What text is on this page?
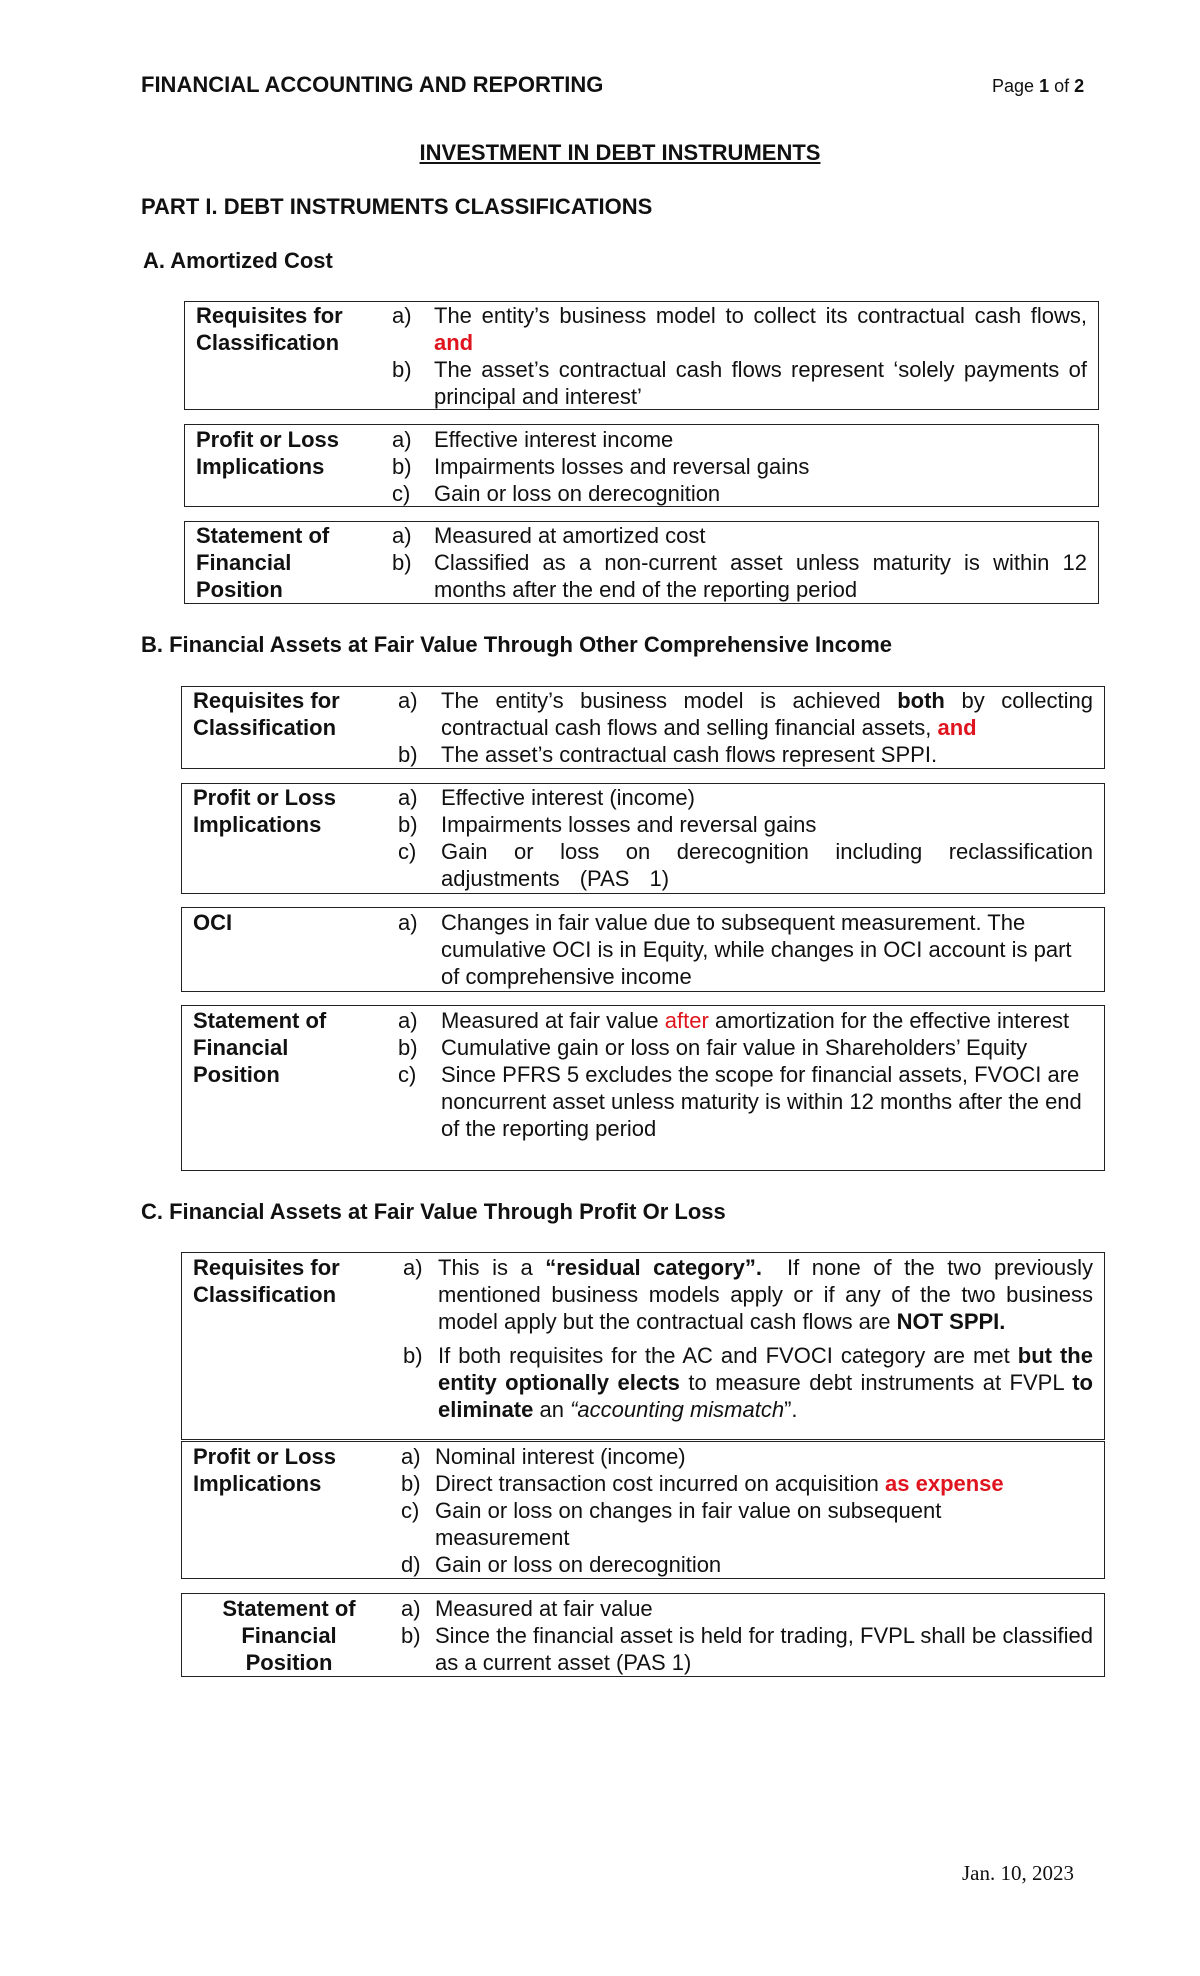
FINANCIAL ACCOUNTING AND REPORTING	Page 1 of 2
INVESTMENT IN DEBT INSTRUMENTS
PART I. DEBT INSTRUMENTS CLASSIFICATIONS
A. Amortized Cost
Requisites for
Classification
a)	The entity’s business model to collect its contractual cash flows, and
b)	The asset’s contractual cash flows represent ‘solely payments of principal and interest’
Profit or Loss
Implications
a)	Effective interest income
b)	Impairments losses and reversal gains
c)	Gain or loss on derecognition
Statement of
Financial
Position
a)	Measured at amortized cost
b)	Classified as a non-current asset unless maturity is within 12 months after the end of the reporting period
B. Financial Assets at Fair Value Through Other Comprehensive Income
Requisites for
Classification
a)	The entity’s business model is achieved both by collecting contractual cash flows and selling financial assets, and
b)	The asset’s contractual cash flows represent SPPI.
Profit or Loss
Implications
a)	Effective interest (income)
b)	Impairments losses and reversal gains
c)	Gain or loss on derecognition including reclassification adjustments (PAS 1)
OCI	a)	Changes in fair value due to subsequent measurement. The cumulative OCI is in Equity, while changes in OCI account is part of comprehensive income
Statement of
Financial
Position
a)	Measured at fair value after amortization for the effective interest
b)	Cumulative gain or loss on fair value in Shareholders’ Equity
c)	Since PFRS 5 excludes the scope for financial assets, FVOCI are noncurrent asset unless maturity is within 12 months after the end of the reporting period
C. Financial Assets at Fair Value Through Profit Or Loss
Requisites for
Classification
a) This is a “residual category”. If none of the two previously mentioned business models apply or if any of the two business model apply but the contractual cash flows are NOT SPPI.
b) If both requisites for the AC and FVOCI category are met but the entity optionally elects to measure debt instruments at FVPL to eliminate an “accounting mismatch”.
Profit or Loss
Implications
a) Nominal interest (income)
b) Direct transaction cost incurred on acquisition as expense
c) Gain or loss on changes in fair value on subsequent measurement
d) Gain or loss on derecognition
Statement of
Financial
Position
a) Measured at fair value
b) Since the financial asset is held for trading, FVPL shall be classified as a current asset (PAS 1)
Jan. 10, 2023
